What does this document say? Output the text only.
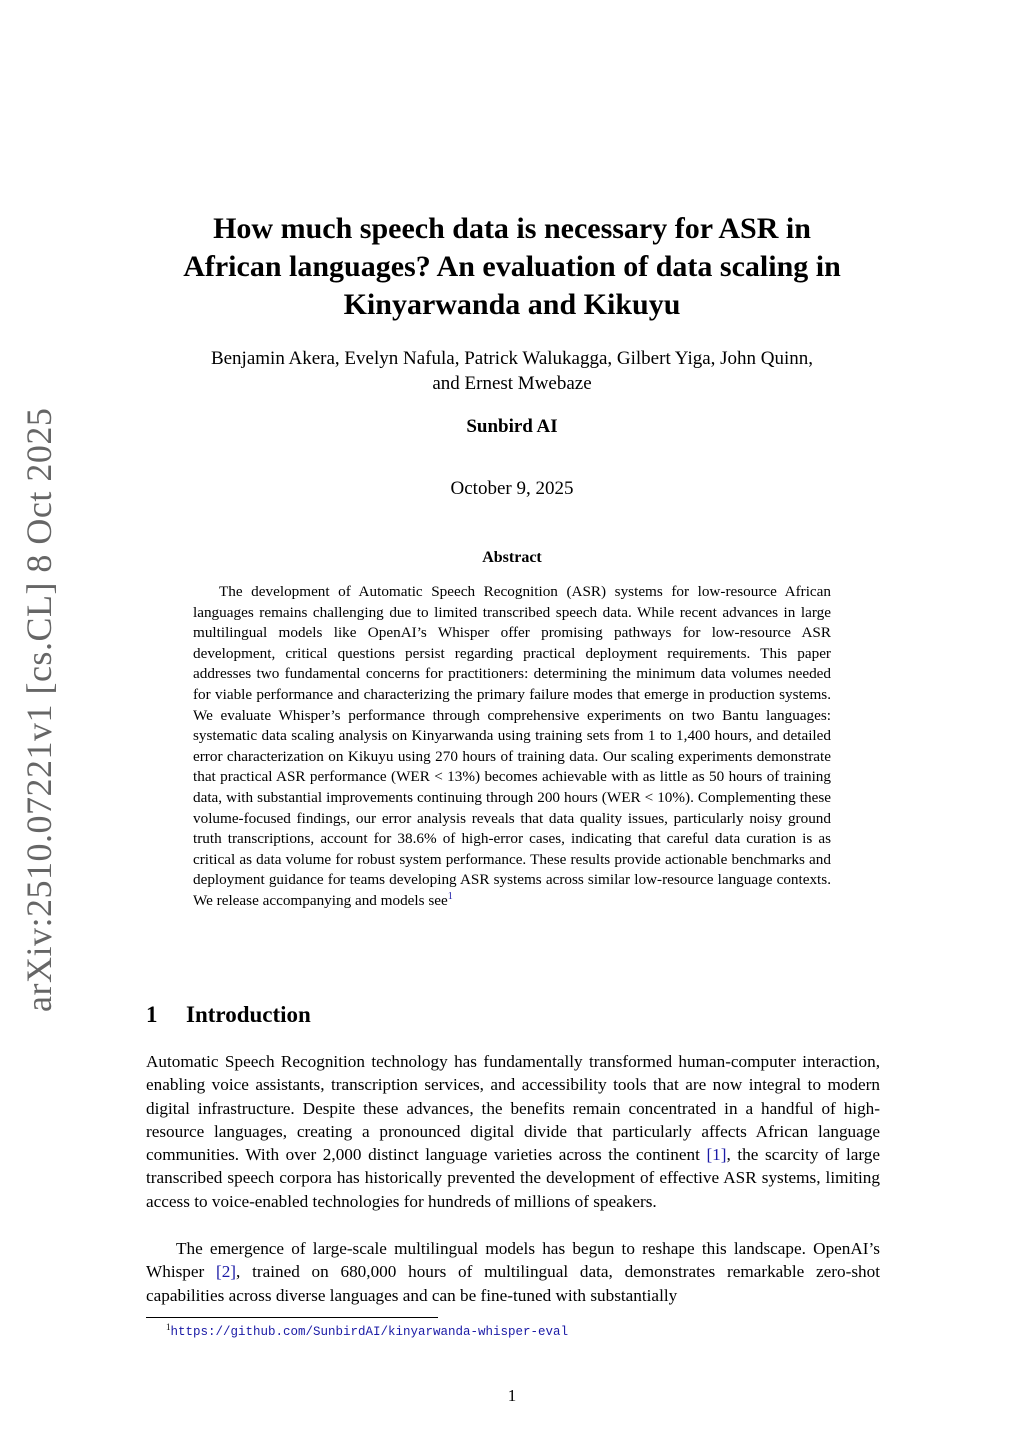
arXiv:2510.07221v1 [cs.CL] 8 Oct 2025
How much speech data is necessary for ASR in
African languages? An evaluation of data scaling in
Kinyarwanda and Kikuyu

Benjamin Akera, Evelyn Nafula, Patrick Walukagga, Gilbert Yiga, John Quinn,
and Ernest Mwebaze

Sunbird AI

October 9, 2025

Abstract

The development of Automatic Speech Recognition (ASR) systems for low-resource African languages remains challenging due to limited transcribed speech data. While recent advances in large multilingual models like OpenAI’s Whisper offer promising pathways for low-resource ASR development, critical questions persist regarding practical deployment requirements. This paper addresses two fundamental concerns for practitioners: determining the minimum data volumes needed for viable performance and characterizing the primary failure modes that emerge in production systems. We evaluate Whisper’s performance through comprehensive experiments on two Bantu languages: systematic data scaling analysis on Kinyarwanda using training sets from 1 to 1,400 hours, and detailed error characterization on Kikuyu using 270 hours of training data. Our scaling experiments demonstrate that practical ASR performance (WER < 13%) becomes achievable with as little as 50 hours of training data, with substantial improvements continuing through 200 hours (WER < 10%). Complementing these volume-focused findings, our error analysis reveals that data quality issues, particularly noisy ground truth transcriptions, account for 38.6% of high-error cases, indicating that careful data curation is as critical as data volume for robust system performance. These results provide actionable benchmarks and deployment guidance for teams developing ASR systems across similar low-resource language contexts. We release accompanying and models see$^1$

1 Introduction

Automatic Speech Recognition technology has fundamentally transformed human-computer interaction, enabling voice assistants, transcription services, and accessibility tools that are now integral to modern digital infrastructure. Despite these advances, the benefits remain concentrated in a handful of high-resource languages, creating a pronounced digital divide that particularly affects African language communities. With over 2,000 distinct language varieties across the continent [1], the scarcity of large transcribed speech corpora has historically prevented the development of effective ASR systems, limiting access to voice-enabled technologies for hundreds of millions of speakers.

The emergence of large-scale multilingual models has begun to reshape this landscape. OpenAI’s Whisper [2], trained on 680,000 hours of multilingual data, demonstrates remarkable zero-shot capabilities across diverse languages and can be fine-tuned with substantially

$^1$https://github.com/SunbirdAI/kinyarwanda-whisper-eval
1
